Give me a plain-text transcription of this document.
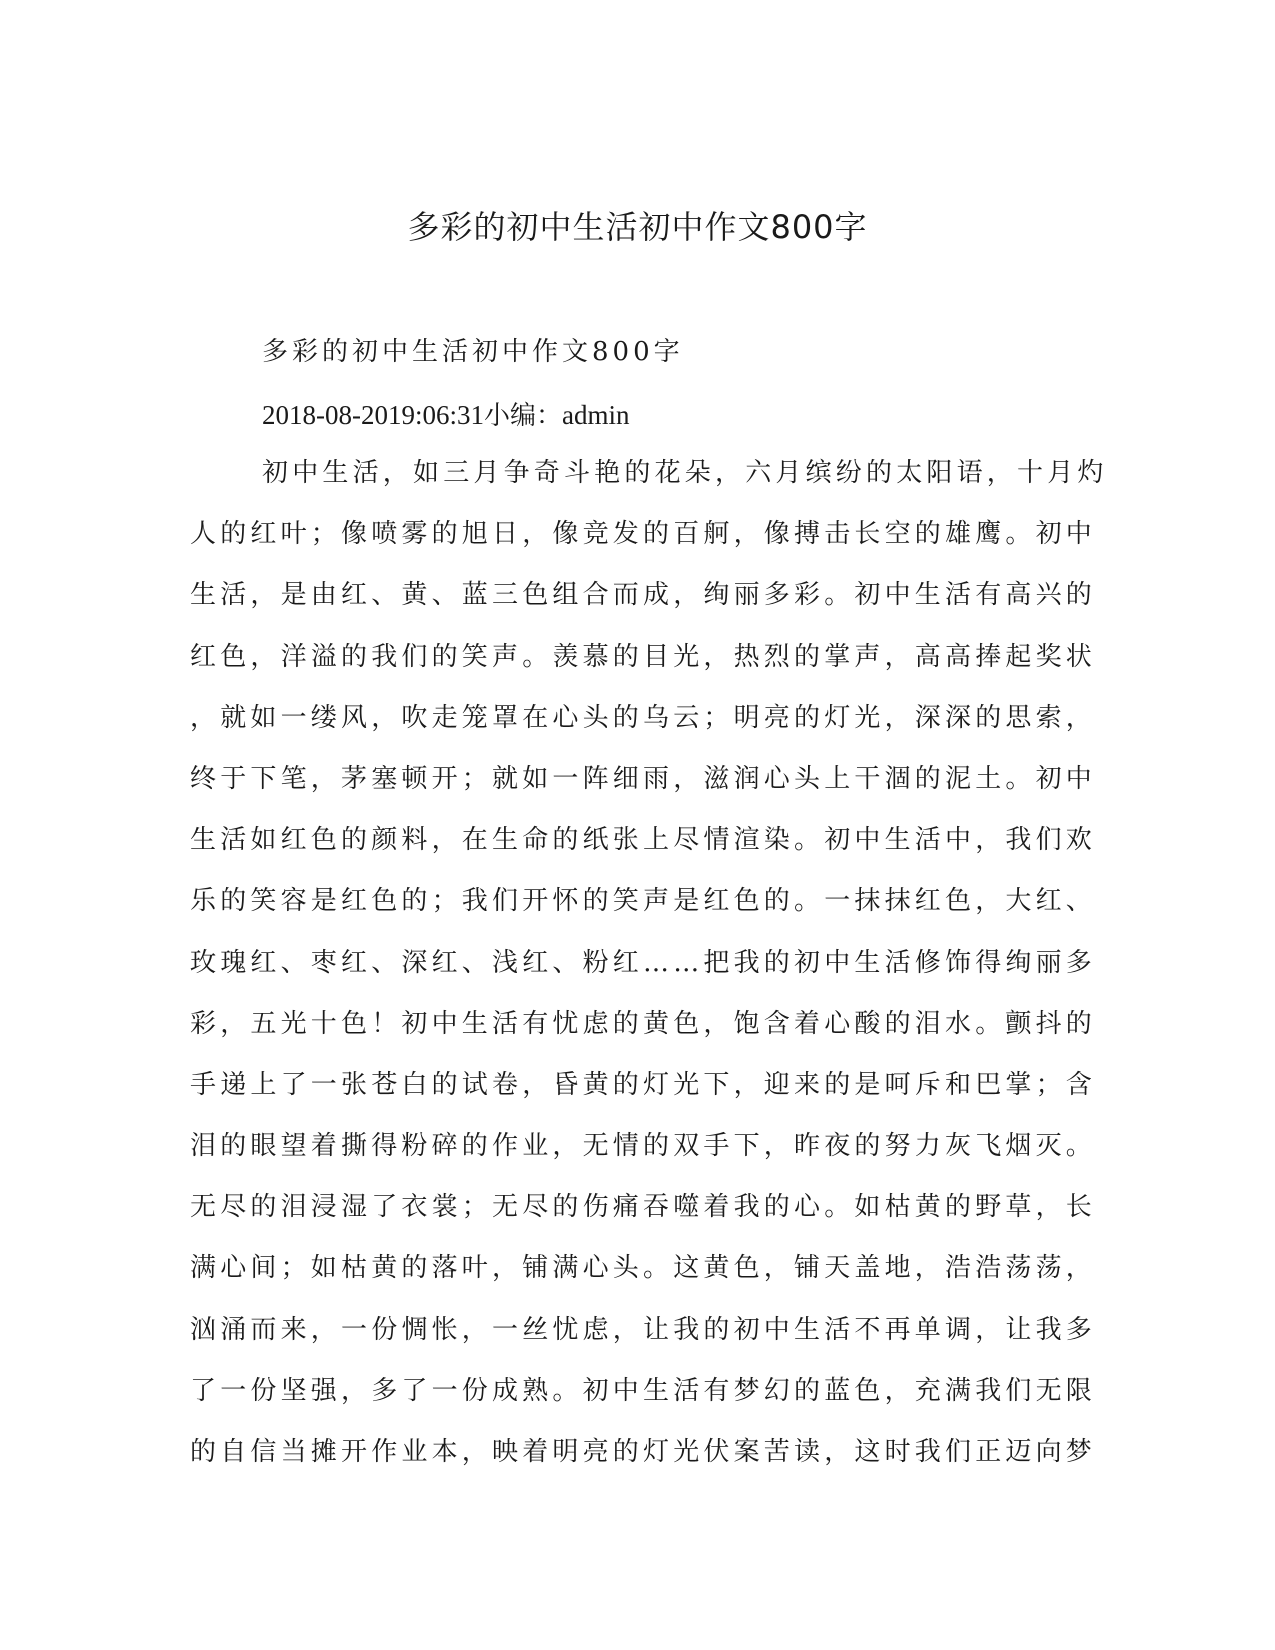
多彩的初中生活初中作文800字

多彩的初中生活初中作文800字

2018-08-2019:06:31小编：admin

初中生活，如三月争奇斗艳的花朵，六月缤纷的太阳语，十月灼
人的红叶；像喷雾的旭日，像竞发的百舸，像搏击长空的雄鹰。初中
生活，是由红、黄、蓝三色组合而成，绚丽多彩。初中生活有高兴的
红色，洋溢的我们的笑声。羡慕的目光，热烈的掌声，高高捧起奖状
，就如一缕风，吹走笼罩在心头的乌云；明亮的灯光，深深的思索，
终于下笔，茅塞顿开；就如一阵细雨，滋润心头上干涸的泥土。初中
生活如红色的颜料，在生命的纸张上尽情渲染。初中生活中，我们欢
乐的笑容是红色的；我们开怀的笑声是红色的。一抹抹红色，大红、
玫瑰红、枣红、深红、浅红、粉红……把我的初中生活修饰得绚丽多
彩，五光十色！初中生活有忧虑的黄色，饱含着心酸的泪水。颤抖的
手递上了一张苍白的试卷，昏黄的灯光下，迎来的是呵斥和巴掌；含
泪的眼望着撕得粉碎的作业，无情的双手下，昨夜的努力灰飞烟灭。
无尽的泪浸湿了衣裳；无尽的伤痛吞噬着我的心。如枯黄的野草，长
满心间；如枯黄的落叶，铺满心头。这黄色，铺天盖地，浩浩荡荡，
汹涌而来，一份惆怅，一丝忧虑，让我的初中生活不再单调，让我多
了一份坚强，多了一份成熟。初中生活有梦幻的蓝色，充满我们无限
的自信当摊开作业本，映着明亮的灯光伏案苦读，这时我们正迈向梦
